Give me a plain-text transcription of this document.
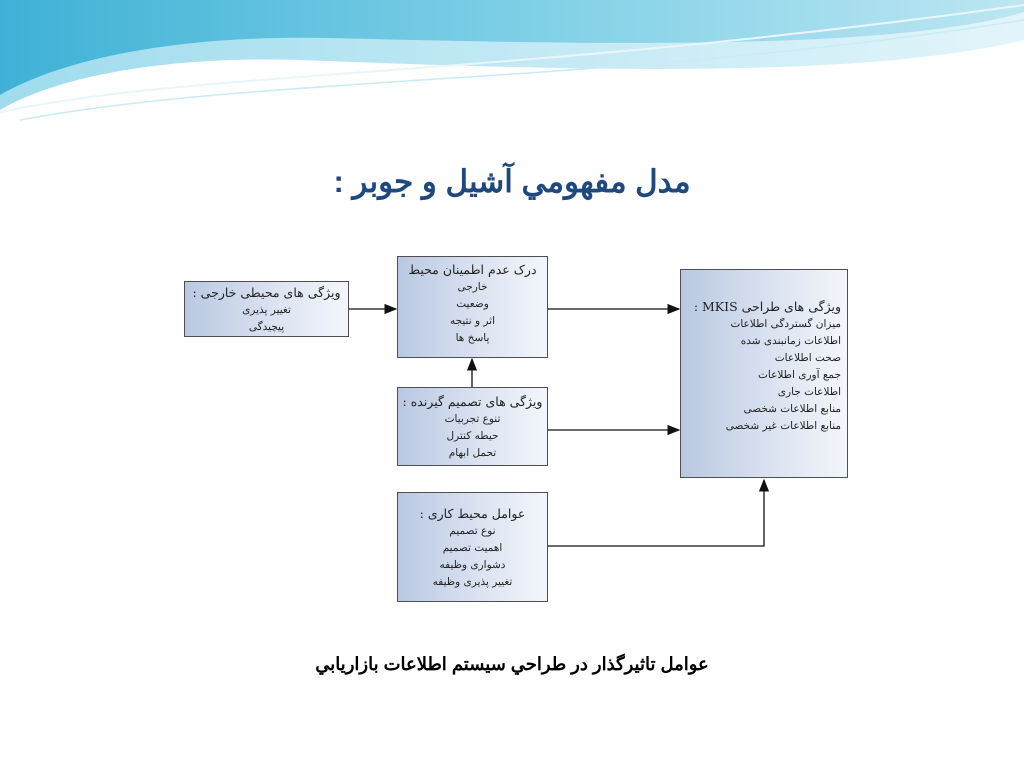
مدل مفهومي آشيل و جوبر :
ویژگی های محیطی خارجی :
تغییر پذیری
پیچیدگی
درک عدم اطمینان محیط
خارجی
وضعیت
اثر و نتیجه
پاسخ ها
ویژگی های تصمیم گیرنده :
تنوع تجربیات
حیطه کنترل
تحمل ابهام
عوامل محیط کاری :
نوع تصمیم
اهمیت تصمیم
دشواری وظیفه
تغییر پذیری وظیفه
ویژگی های طراحی MKIS :
میزان گستردگی اطلاعات
اطلاعات زمانبندی شده
صحت اطلاعات
جمع آوری اطلاعات
اطلاعات جاری
منابع اطلاعات شخصی
منابع اطلاعات غیر شخصی
عوامل تاثيرگذار در طراحي سيستم اطلاعات بازاريابي
